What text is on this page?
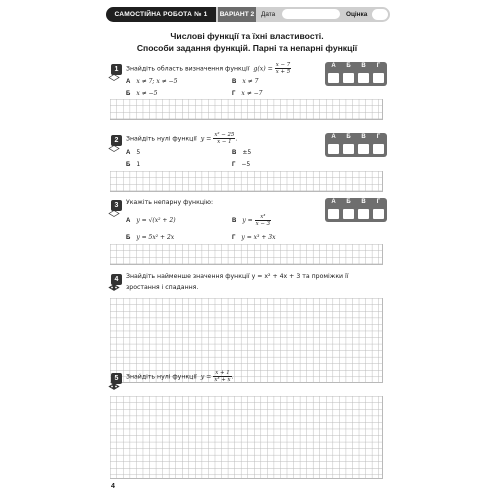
САМОСТІЙНА РОБОТА № 1	ВАРІАНТ 2 Дата	Оцінка
Числові функції та їхні властивості.
Способи задання функцій. Парні та непарні функції
1	Знайдіть область визначення функції $g(x) = \frac{x - 7}{x + 5}$
А x ≠ 7; x ≠ −5	В x ≠ 7
Б x ≠ −5	Г x ≠ −7
А	Б	В	Г
2	Знайдіть нулі функції $y = \frac{\text{x² − 25}}{x - 1}$ .
А 5	В ±5
Б 1	Г −5
А	Б	В	Г
3	Укажіть непарну функцію:
А y = √(x² + 2)	В $y = \frac{\text{x³}}{x - 3}$
Б y = 5x² + 2x	Г y = x³ + 3x
А	Б	В	Г
4	Знайдіть найменше значення функції y = x² + 4x + 3 та проміжки її
зростання і спадання.
5	Знайдіть нулі функції $y = \frac{x + 1}{\text{x³ + x}}$ .
4
